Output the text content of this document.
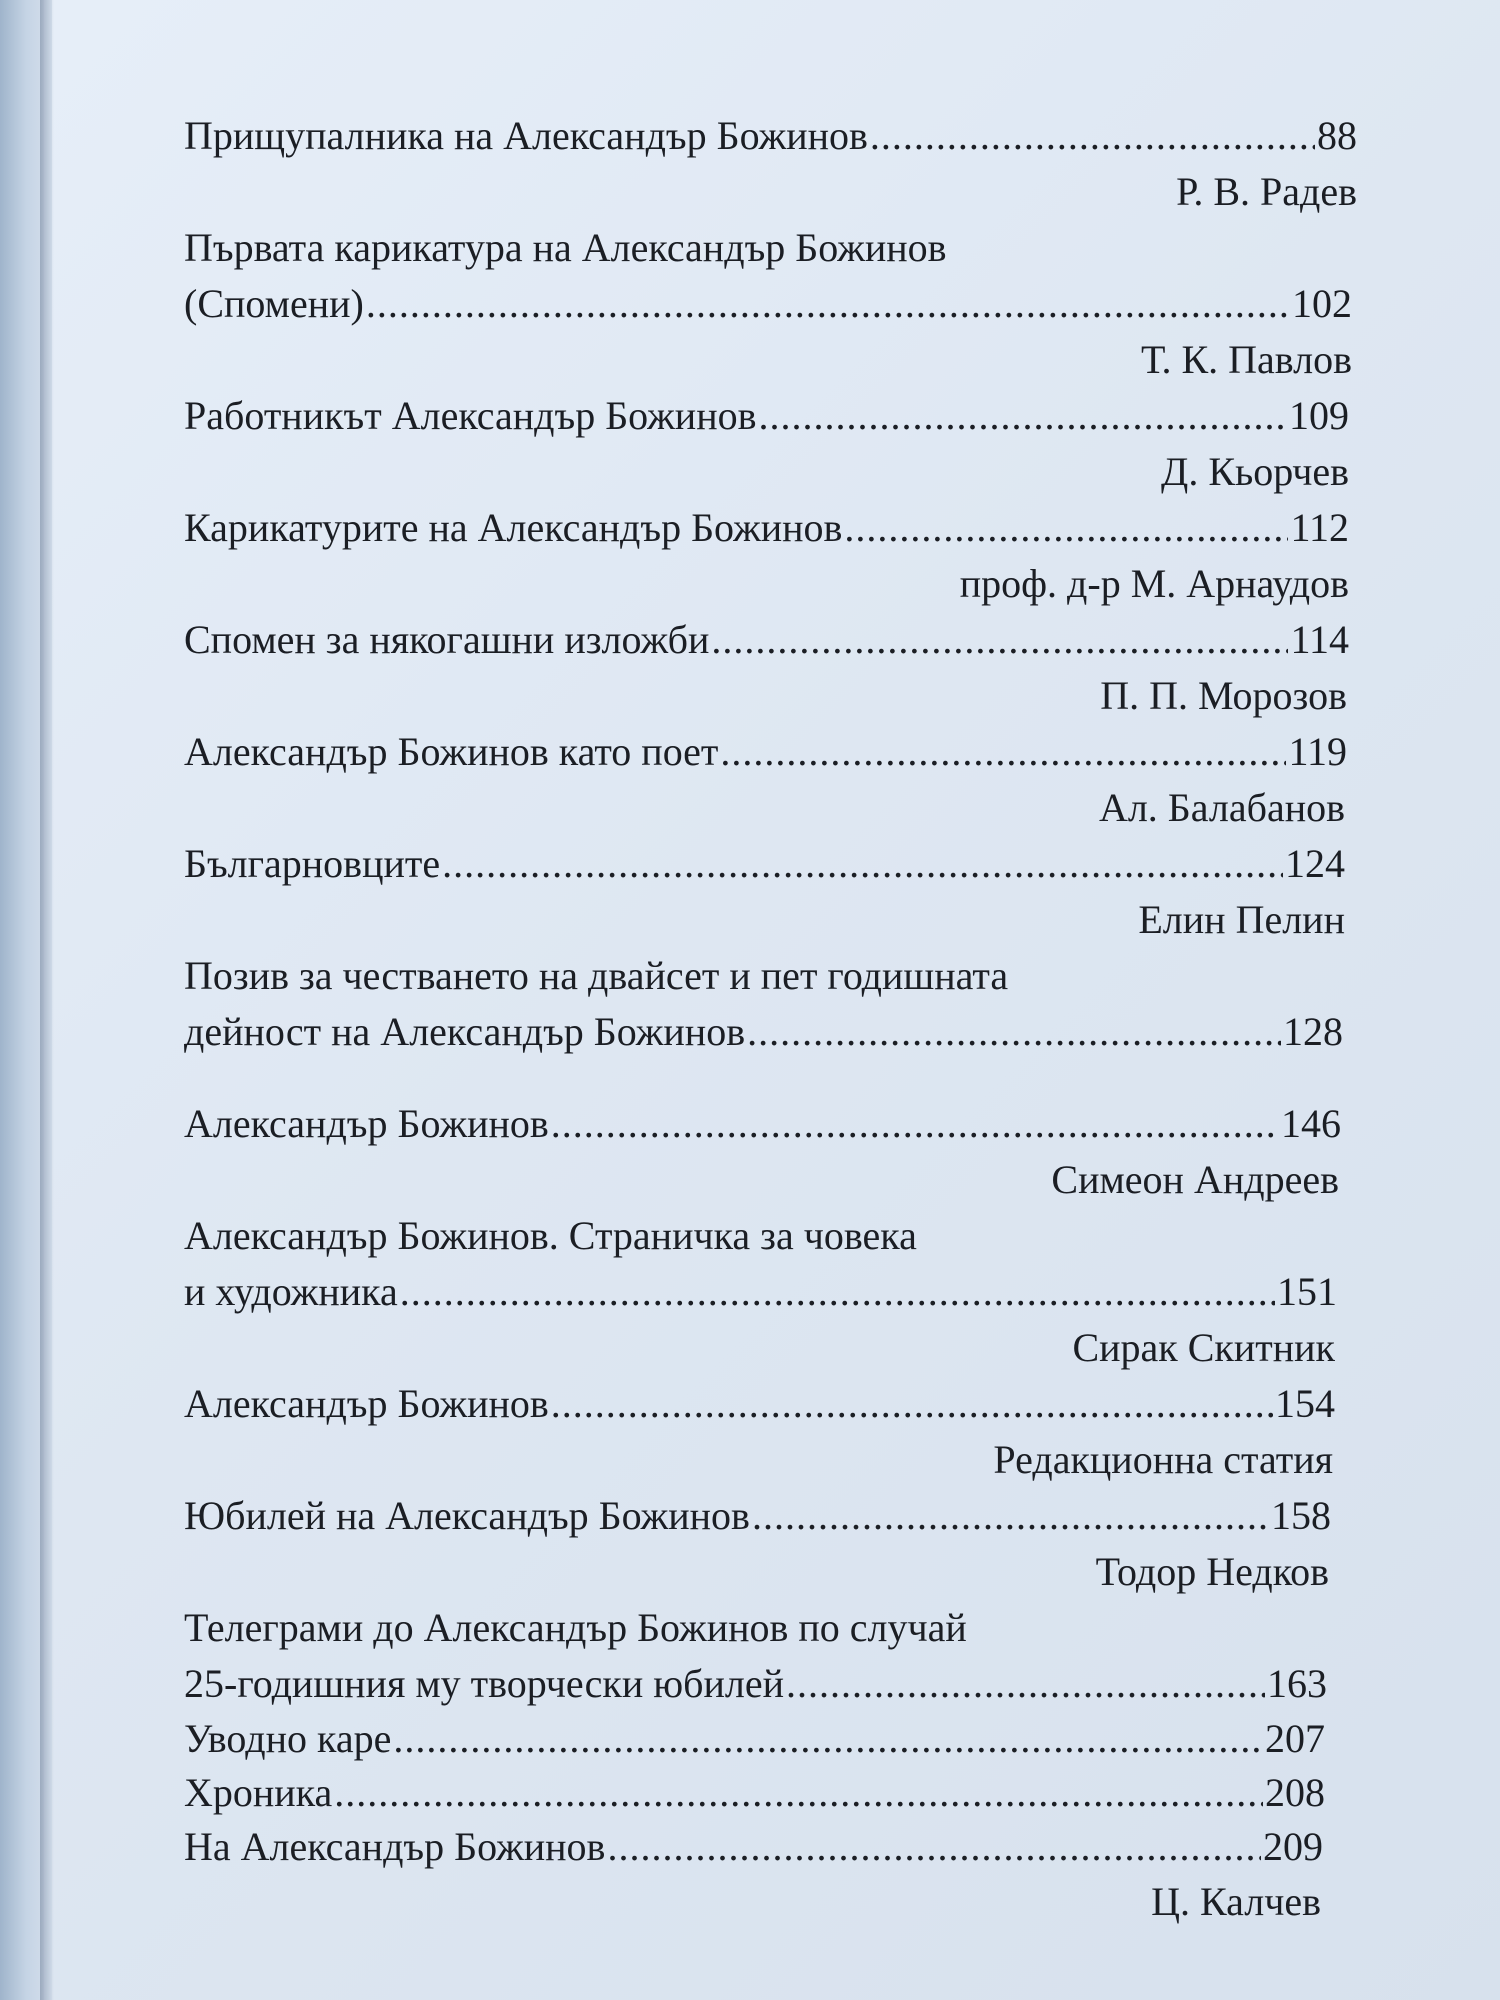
Прищупалника на Александър Божинов .....	88
Р. В. Радев
Първата карикатура на Александър Божинов
(Спомени) .....	102
Т. К. Павлов
Работникът Александър Божинов .....	109
Д. Кьорчев
Карикатурите на Александър Божинов .....	112
проф. д-р М. Арнаудов
Спомен за някогашни изложби .....	114
П. П. Морозов
Александър Божинов като поет .....	119
Ал. Балабанов
Българновците .....	124
Елин Пелин
Позив за честването на двайсет и пет годишната
дейност на Александър Божинов .....	128
Александър Божинов .....	146
Симеон Андреев
Александър Божинов. Страничка за човека
и художника .....	151
Сирак Скитник
Александър Божинов .....	154
Редакционна статия
Юбилей на Александър Божинов .....	158
Тодор Недков
Телеграми до Александър Божинов по случай
25-годишния му творчески юбилей .....	163
Уводно каре .....	207
Хроника .....	208
На Александър Божинов .....	209
Ц. Калчев
